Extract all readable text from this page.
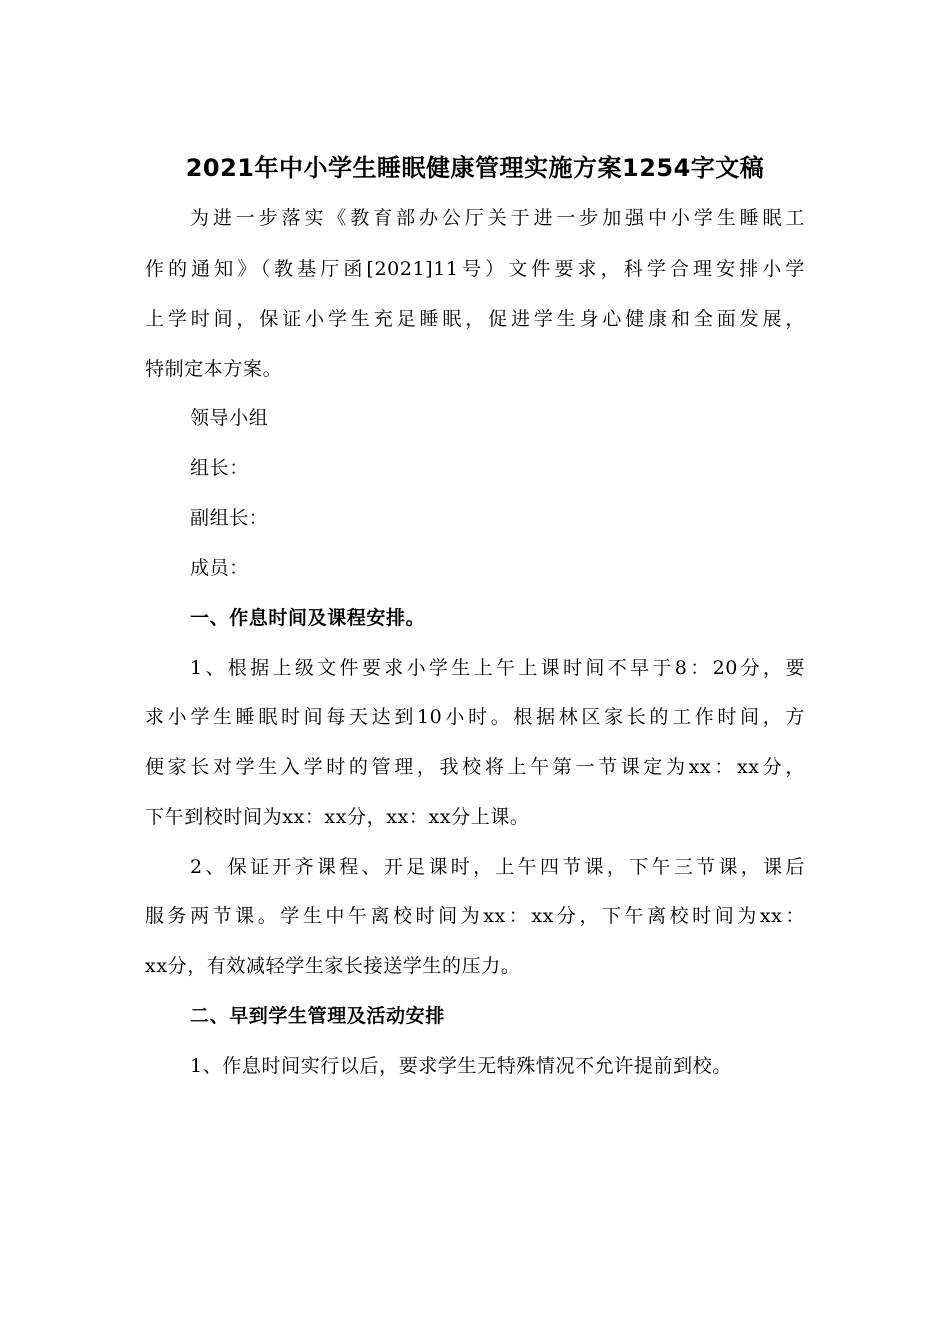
2021年中小学生睡眠健康管理实施方案1254字文稿
为进一步落实《教育部办公厅关于进一步加强中小学生睡眠工
作的通知》（教基厅函[2021]11号）文件要求，科学合理安排小学
上学时间，保证小学生充足睡眠，促进学生身心健康和全面发展，
特制定本方案。
领导小组
组长：
副组长：
成员：
一、作息时间及课程安排。
1、根据上级文件要求小学生上午上课时间不早于8：20分，要
求小学生睡眠时间每天达到10小时。根据林区家长的工作时间，方
便家长对学生入学时的管理，我校将上午第一节课定为xx：xx分，
下午到校时间为xx：xx分，xx：xx分上课。
2、保证开齐课程、开足课时，上午四节课，下午三节课，课后
服务两节课。学生中午离校时间为xx：xx分，下午离校时间为xx：
xx分，有效减轻学生家长接送学生的压力。
二、早到学生管理及活动安排
1、作息时间实行以后，要求学生无特殊情况不允许提前到校。
